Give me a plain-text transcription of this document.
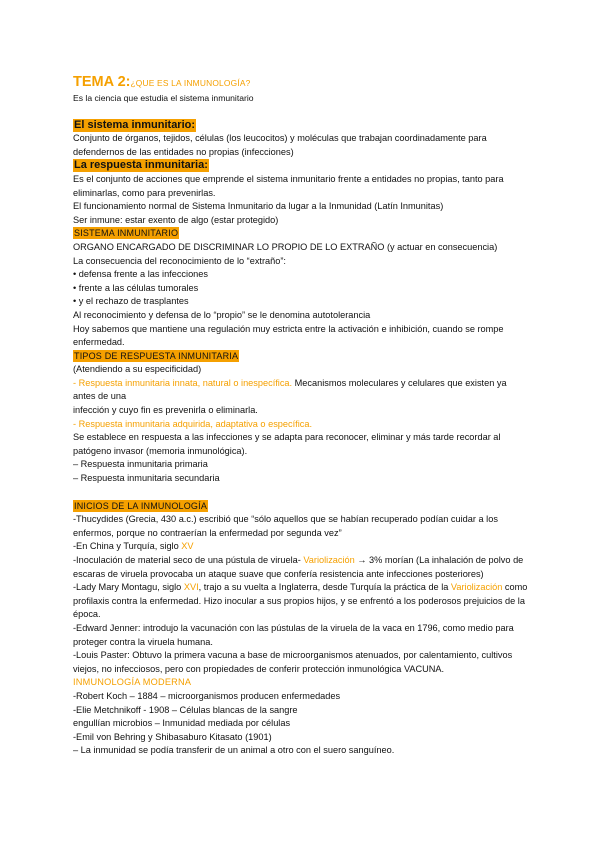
TEMA 2:¿QUE ES LA INMUNOLOGÍA?
Es la ciencia que estudia el sistema inmunitario
El sistema inmunitario:
Conjunto de órganos, tejidos, células (los leucocitos) y moléculas que trabajan coordinadamente para defendernos de las entidades no propias (infecciones)
La respuesta inmunitaria:
Es el conjunto de acciones que emprende el sistema inmunitario frente a entidades no propias, tanto para eliminarlas, como para prevenirlas.
El funcionamiento normal de Sistema Inmunitario da lugar a la Inmunidad (Latín Inmunitas)
Ser inmune: estar exento de algo (estar protegido)
SISTEMA INMUNITARIO
ORGANO ENCARGADO DE DISCRIMINAR LO PROPIO DE LO EXTRAÑO (y actuar en consecuencia)
La consecuencia del reconocimiento de lo “extraño”:
• defensa frente a las infecciones
• frente a las células tumorales
• y el rechazo de trasplantes
Al reconocimiento y defensa de lo “propio” se le denomina autotolerancia
Hoy sabemos que mantiene una regulación muy estricta entre la activación e inhibición, cuando se rompe enfermedad.
TIPOS DE RESPUESTA INMUNITARIA
(Atendiendo a su especificidad)
- Respuesta inmunitaria innata, natural o inespecífica. Mecanismos moleculares y celulares que existen ya antes de una
infección y cuyo fin es prevenirla o eliminarla.
- Respuesta inmunitaria adquirida, adaptativa o específica.
Se establece en respuesta a las infecciones y se adapta para reconocer, eliminar y más tarde recordar al patógeno invasor (memoria inmunológica).
– Respuesta inmunitaria primaria
– Respuesta inmunitaria secundaria
INICIOS DE LA INMUNOLOGÍA
-Thucydides (Grecia, 430 a.c.) escribió que “sólo aquellos que se habían recuperado podían cuidar a los enfermos, porque no contraerían la enfermedad por segunda vez”
-En China y Turquía, siglo XV
-Inoculación de material seco de una pústula de viruela- Variolización → 3% morían (La inhalación de polvo de escaras de viruela provocaba un ataque suave que confería resistencia ante infecciones posteriores)
-Lady Mary Montagu, siglo XVI, trajo a su vuelta a Inglaterra, desde Turquía la práctica de la Variolización como profilaxis contra la enfermedad. Hizo inocular a sus propios hijos, y se enfrentó a los poderosos prejuicios de la época.
-Edward Jenner: introdujo la vacunación con las pústulas de la viruela de la vaca en 1796, como medio para proteger contra la viruela humana.
-Louis Paster: Obtuvo la primera vacuna a base de microorganismos atenuados, por calentamiento, cultivos viejos, no infecciosos, pero con propiedades de conferir protección inmunológica VACUNA.
INMUNOLOGÍA MODERNA
-Robert Koch – 1884 – microorganismos producen enfermedades
-Elie Metchnikoff - 1908 – Células blancas de la sangre
engullían microbios – Inmunidad mediada por células
-Emil von Behring y Shibasaburo Kitasato (1901)
– La inmunidad se podía transferir de un animal a otro con el suero sanguíneo.
